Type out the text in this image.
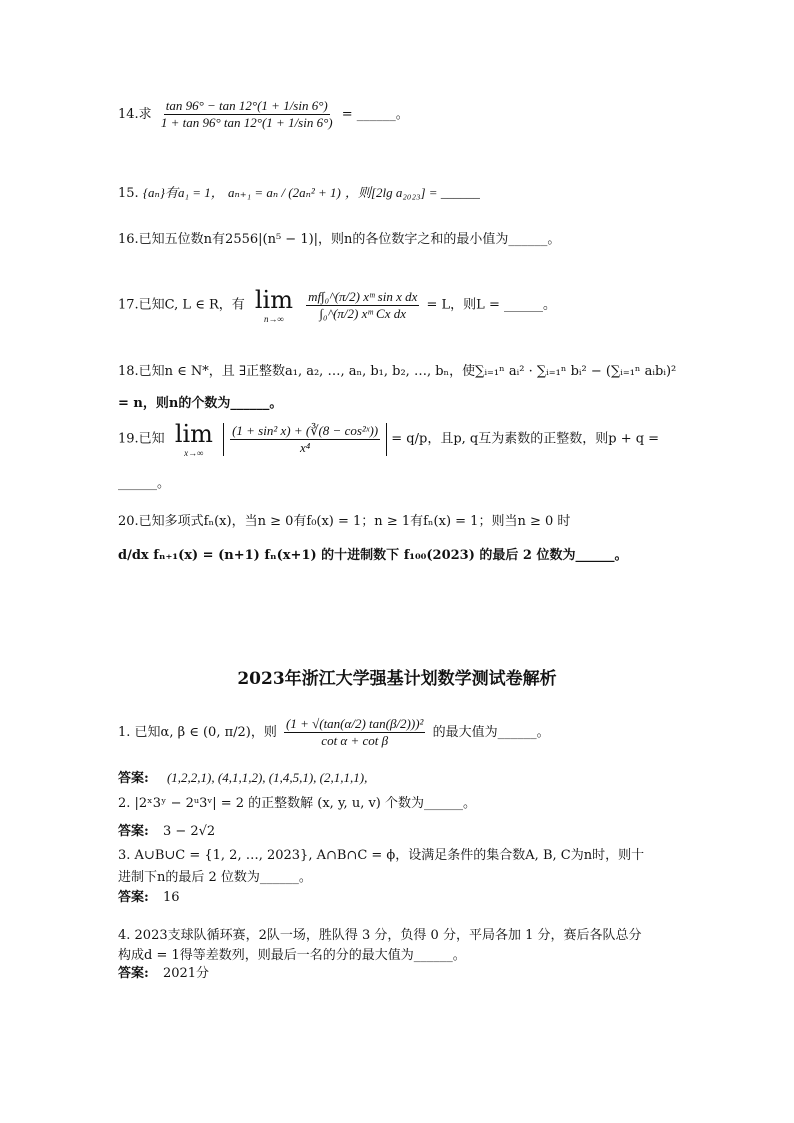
14.求 $\frac{\tan 96^\circ - \tan 12^\circ(1 + 1/\sin 6^\circ)}{1 + \tan 96^\circ \tan 12^\circ(1 + 1/\sin 6^\circ)}$ = ______。
15. {aₙ}有a₁ = 1， aₙ₊₁ = aₙ / (2aₙ² + 1) ，则[2lg a₂₀₂₃] = ______
16.已知五位数n有2556|(n⁵ − 1)|，则n的各位数字之和的最小值为______。
17.已知C, L ∈ R，有 lim
n→∞
$\frac{\text{mf∫₀\textasciicircum{}(π/2) xᵐ sin x dx}}{\text{∫₀\textasciicircum{}(π/2) xᵐ Cx dx}} = L$，则L = ______。
18.已知n ∈ N*，且 ∃正整数a₁, a₂, …, aₙ, b₁, b₂, …, bₙ，使∑ᵢ₌₁ⁿ aᵢ² · ∑ᵢ₌₁ⁿ bᵢ² − (∑ᵢ₌₁ⁿ aᵢbᵢ)²
= n，则n的个数为______。
19.已知 lim
x→∞
$\frac{\text{(1 + sin² x) + (∛(8 − cos²ˣ))}}{\text{x⁴}} = q/p$，且p, q互为素数的正整数，则p + q =
______。
20.已知多项式fₙ(x)，当n ≥ 0有f₀(x) = 1；n ≥ 1有fₙ(x) = 1；则当n ≥ 0 时
d/dx fₙ₊₁(x) = (n+1) fₙ(x+1) 的十进制数下 f₁₀₀(2023) 的最后 2 位数为______。
2023年浙江大学强基计划数学测试卷解析
1. 已知α, β ∈ (0, π/2)，则 $\frac{\text{(1 + √(tan(α/2) tan(β/2)))²}}{\text{cot α + cot β}}$ 的最大值为______。
答案: (1,2,2,1), (4,1,1,2), (1,4,5,1), (2,1,1,1),
2. |2ˣ3ʸ − 2ᵘ3ᵛ| = 2 的正整数解 (x, y, u, v) 个数为______。
答案: 3 − 2√2
3. A∪B∪C = {1, 2, …, 2023}, A∩B∩C = ϕ，设满足条件的集合数A, B, C为n时，则十
进制下n的最后 2 位数为______。
答案: 16
4. 2023支球队循环赛，2队一场，胜队得 3 分，负得 0 分，平局各加 1 分，赛后各队总分
构成d = 1得等差数列，则最后一名的分的最大值为______。
答案: 2021分
